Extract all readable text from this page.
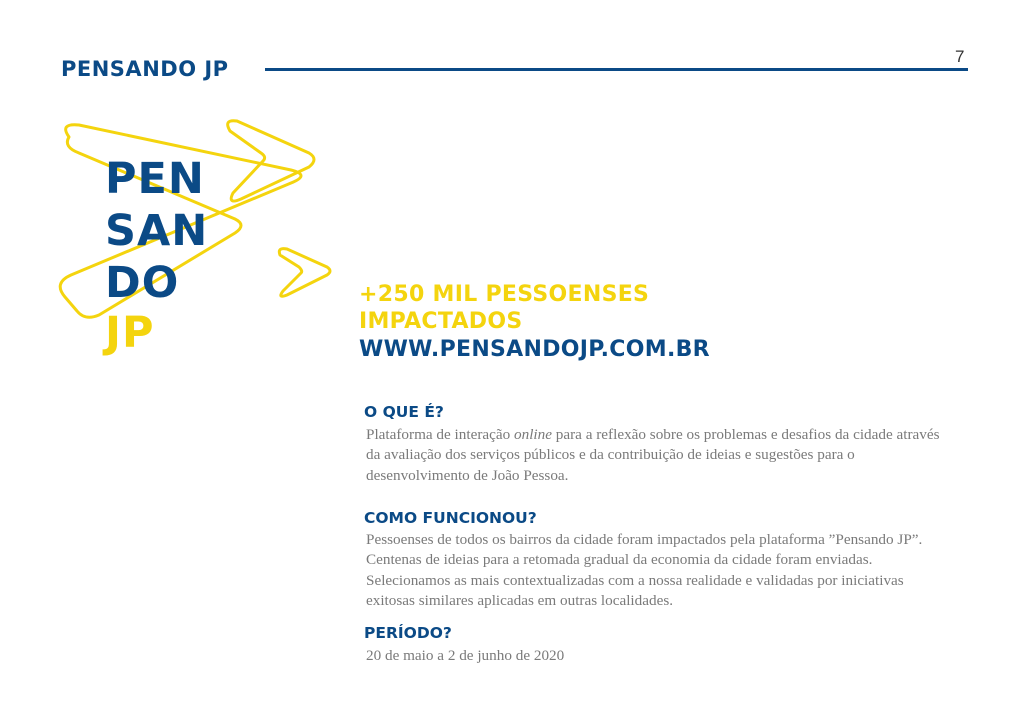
PENSANDO JP
7
PEN
SAN
DO
JP
+250 MIL PESSOENSES
IMPACTADOS
WWW.PENSANDOJP.COM.BR
O QUE É?
Plataforma de interação online para a reflexão sobre os problemas e desafios da cidade através da avaliação dos serviços públicos e da contribuição de ideias e sugestões para o desenvolvimento de João Pessoa.
COMO FUNCIONOU?
Pessoenses de todos os bairros da cidade foram impactados pela plataforma ”Pensando JP”. Centenas de ideias para a retomada gradual da economia da cidade foram enviadas. Selecionamos as mais contextualizadas com a nossa realidade e validadas por iniciativas exitosas similares aplicadas em outras localidades.
PERÍODO?
20 de maio a 2 de junho de 2020
